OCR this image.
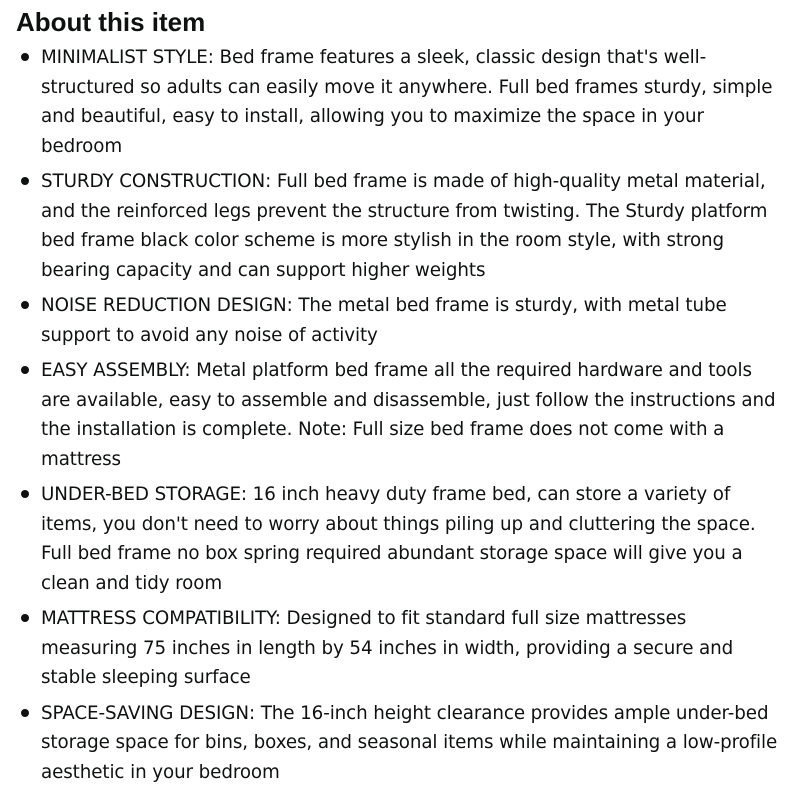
About this item
MINIMALIST STYLE: Bed frame features a sleek, classic design that's well-structured so adults can easily move it anywhere. Full bed frames sturdy, simple and beautiful, easy to install, allowing you to maximize the space in your bedroom
STURDY CONSTRUCTION: Full bed frame is made of high-quality metal material, and the reinforced legs prevent the structure from twisting. The Sturdy platform bed frame black color scheme is more stylish in the room style, with strong bearing capacity and can support higher weights
NOISE REDUCTION DESIGN: The metal bed frame is sturdy, with metal tube support to avoid any noise of activity
EASY ASSEMBLY: Metal platform bed frame all the required hardware and tools are available, easy to assemble and disassemble, just follow the instructions and the installation is complete. Note: Full size bed frame does not come with a mattress
UNDER-BED STORAGE: 16 inch heavy duty frame bed, can store a variety of items, you don't need to worry about things piling up and cluttering the space. Full bed frame no box spring required abundant storage space will give you a clean and tidy room
MATTRESS COMPATIBILITY: Designed to fit standard full size mattresses measuring 75 inches in length by 54 inches in width, providing a secure and stable sleeping surface
SPACE-SAVING DESIGN: The 16-inch height clearance provides ample under-bed storage space for bins, boxes, and seasonal items while maintaining a low-profile aesthetic in your bedroom
